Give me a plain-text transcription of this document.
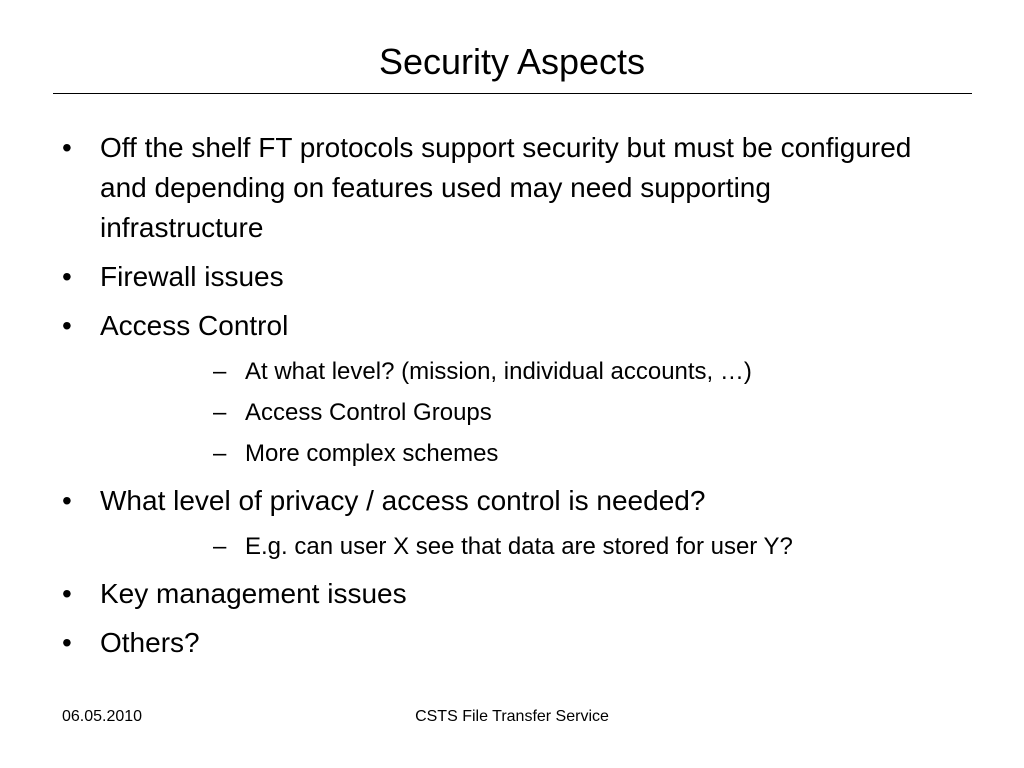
Security Aspects
• Off the shelf FT protocols support security but must be configured and depending on features used may need supporting infrastructure
• Firewall issues
• Access Control
– At what level? (mission, individual accounts, …)
– Access Control Groups
– More complex schemes
• What level of privacy / access control is needed?
– E.g. can user X see that data are stored for user Y?
• Key management issues
• Others?
06.05.2010	CSTS File Transfer Service
